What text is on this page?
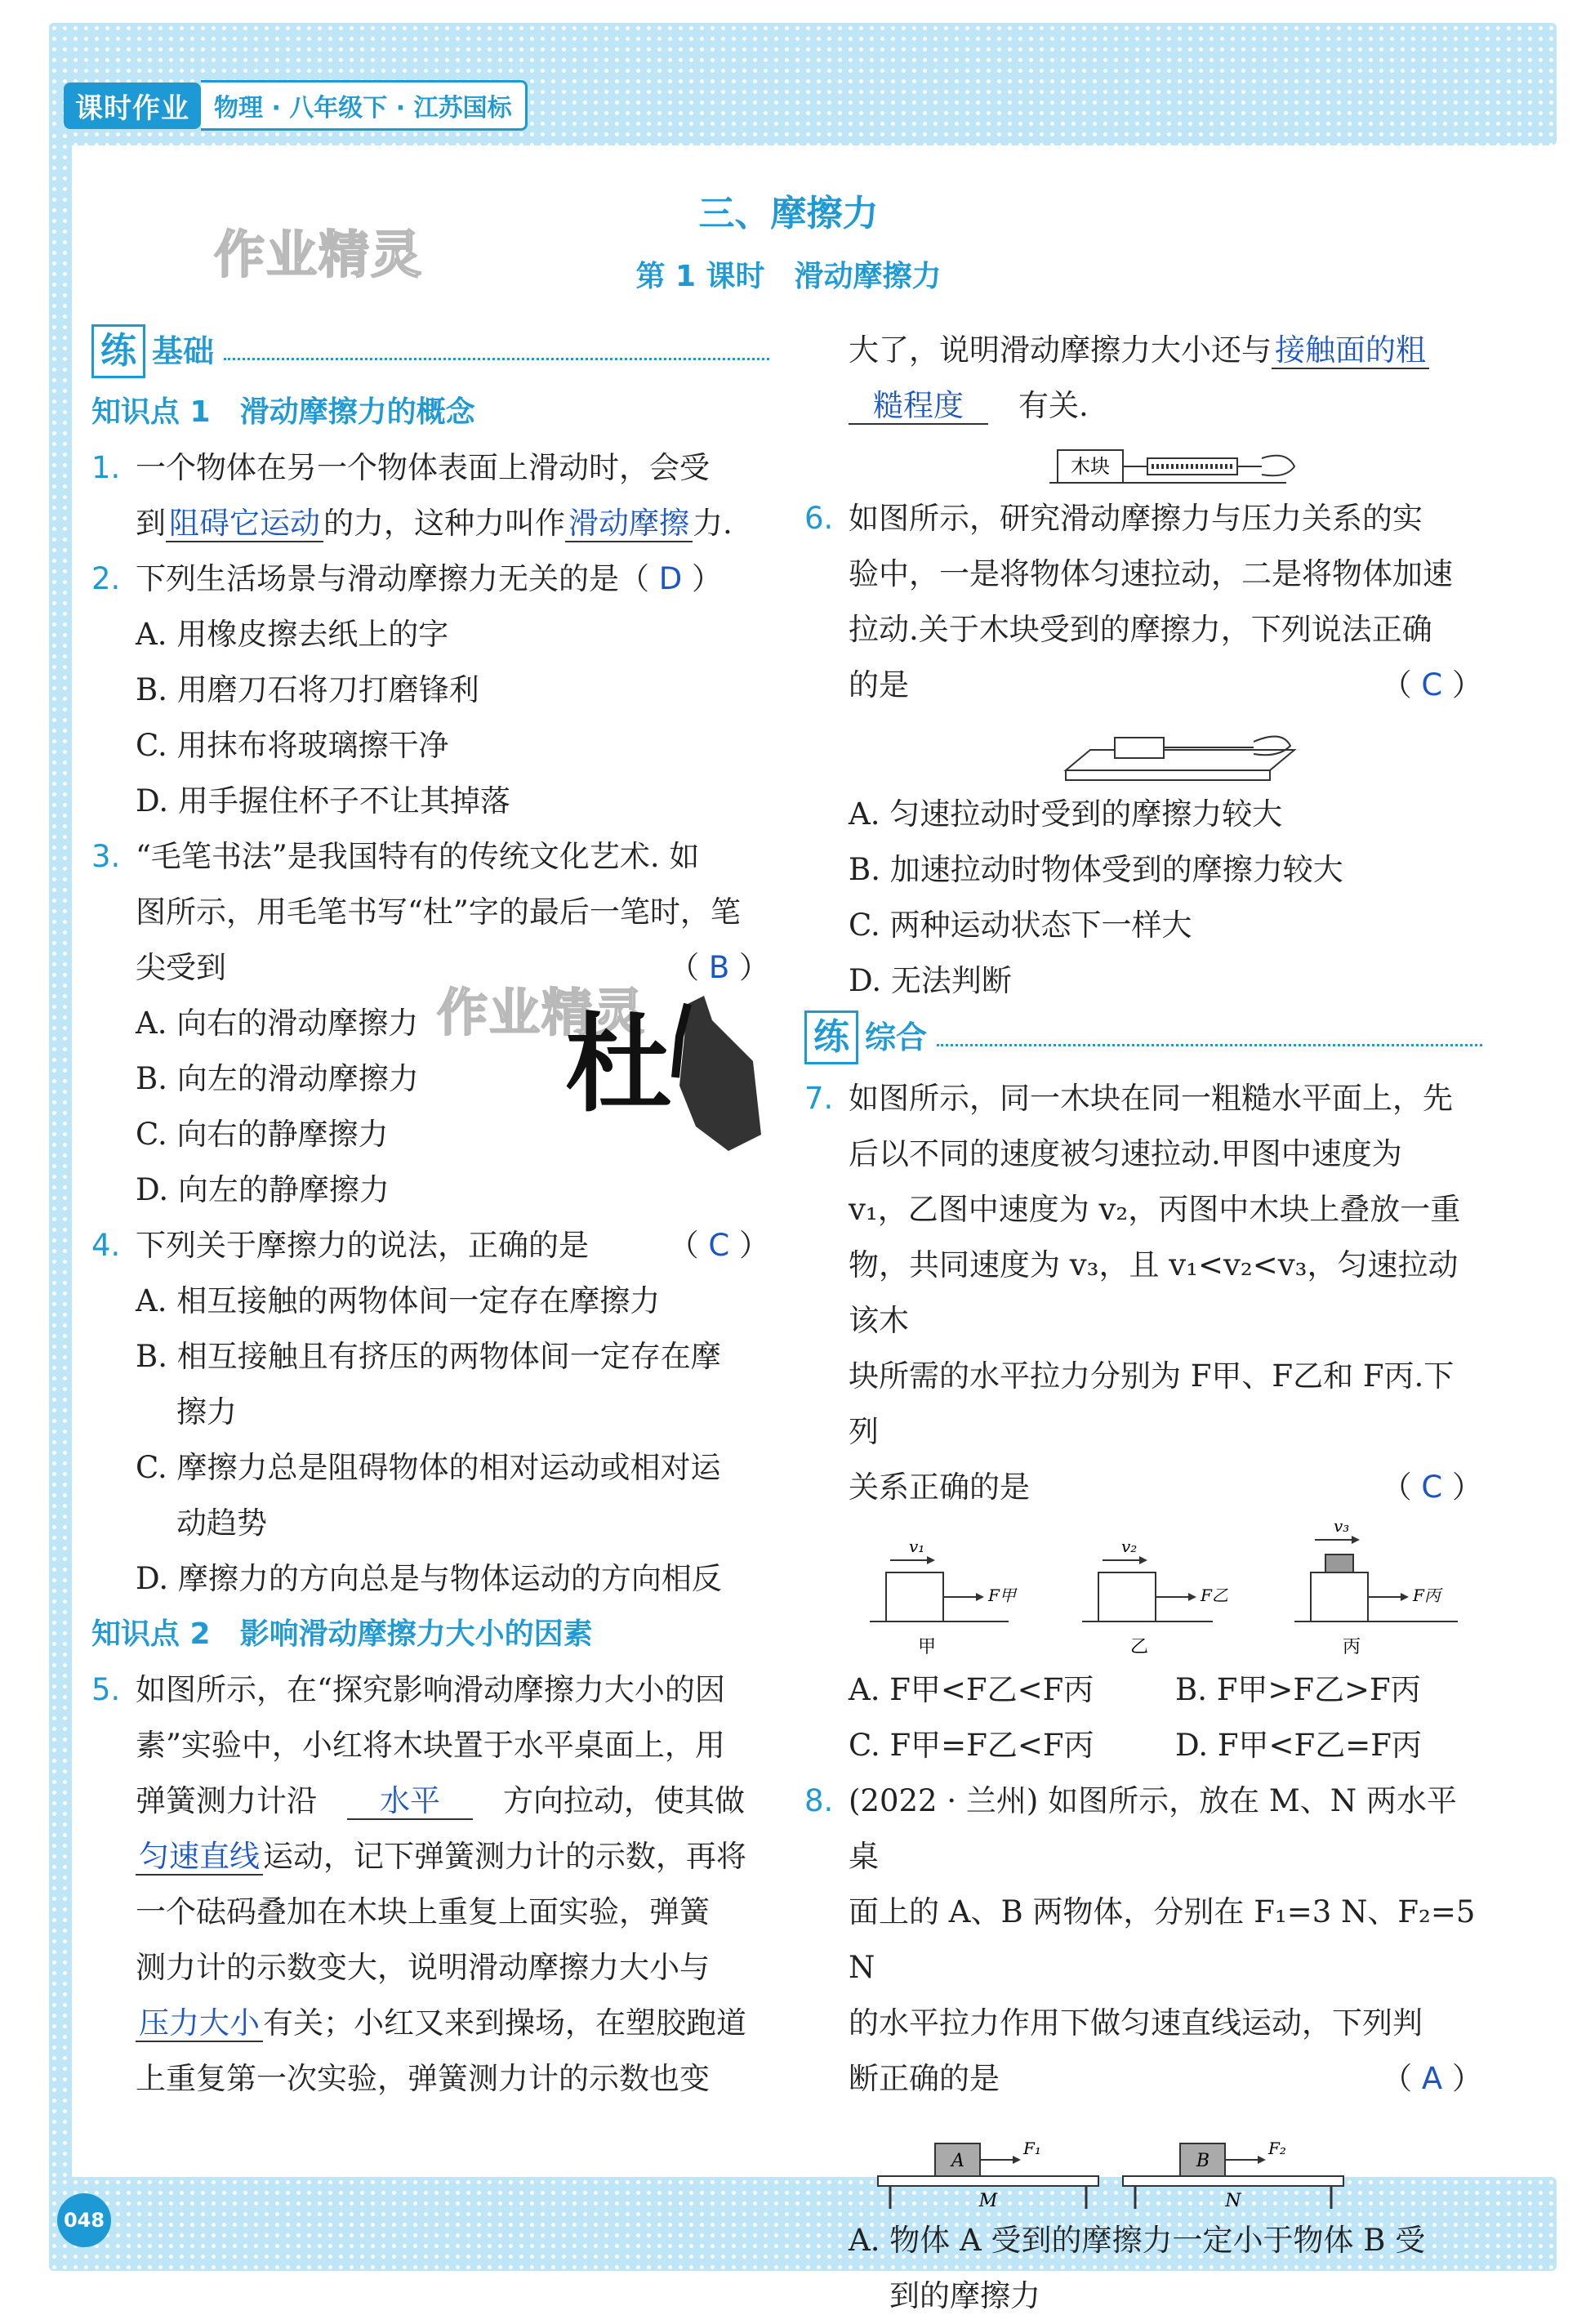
课时作业	物理 · 八年级下 · 江苏国标
048
作业精灵
作业精灵
三、摩擦力
第 1 课时　滑动摩擦力
练 基础
知识点 1　滑动摩擦力的概念
1. 一个物体在另一个物体表面上滑动时，会受
到 阻碍它运动 的力，这种力叫作 滑动摩擦 力.
2. 下列生活场景与滑动摩擦力无关的是（ D ）
A. 用橡皮擦去纸上的字
B. 用磨刀石将刀打磨锋利
C. 用抹布将玻璃擦干净
D. 用手握住杯子不让其掉落
3. “毛笔书法”是我国特有的传统文化艺术. 如
图所示，用毛笔书写“杜”字的最后一笔时，笔
尖受到	（ B ）
A. 向右的滑动摩擦力
B. 向左的滑动摩擦力
C. 向右的静摩擦力
D. 向左的静摩擦力
杜
4. 下列关于摩擦力的说法，正确的是	（ C ）
A. 相互接触的两物体间一定存在摩擦力
B. 相互接触且有挤压的两物体间一定存在摩
擦力
C. 摩擦力总是阻碍物体的相对运动或相对运
动趋势
D. 摩擦力的方向总是与物体运动的方向相反
知识点 2　影响滑动摩擦力大小的因素
5. 如图所示，在“探究影响滑动摩擦力大小的因
素”实验中，小红将木块置于水平桌面上，用
弹簧测力计沿　 水平　 方向拉动，使其做
匀速直线 运动，记下弹簧测力计的示数，再将
一个砝码叠加在木块上重复上面实验，弹簧
测力计的示数变大，说明滑动摩擦力大小与
压力大小 有关；小红又来到操场，在塑胶跑道
上重复第一次实验，弹簧测力计的示数也变
大了，说明滑动摩擦力大小还与 接触面的粗
糙程度　 有关.
木块
6. 如图所示，研究滑动摩擦力与压力关系的实
验中，一是将物体匀速拉动，二是将物体加速
拉动.关于木块受到的摩擦力，下列说法正确
的是	（ C ）
A. 匀速拉动时受到的摩擦力较大
B. 加速拉动时物体受到的摩擦力较大
C. 两种运动状态下一样大
D. 无法判断
练 综合
7. 如图所示，同一木块在同一粗糙水平面上，先
后以不同的速度被匀速拉动.甲图中速度为
v₁，乙图中速度为 v₂，丙图中木块上叠放一重
物，共同速度为 v₃，且 v₁<v₂<v₃，匀速拉动该木
块所需的水平拉力分别为 F甲、F乙和 F丙.下列
关系正确的是	（ C ）
v₁
F甲
甲
v₂
F乙
乙
v₃
F丙
丙
A. F甲<F乙<F丙	B. F甲>F乙>F丙
C. F甲=F乙<F丙	D. F甲<F乙=F丙
8. (2022 · 兰州) 如图所示，放在 M、N 两水平桌
面上的 A、B 两物体，分别在 F₁=3 N、F₂=5 N
的水平拉力作用下做匀速直线运动，下列判
断正确的是	（ A ）
A
F₁
M
B
F₂
N
A. 物体 A 受到的摩擦力一定小于物体 B 受
到的摩擦力
